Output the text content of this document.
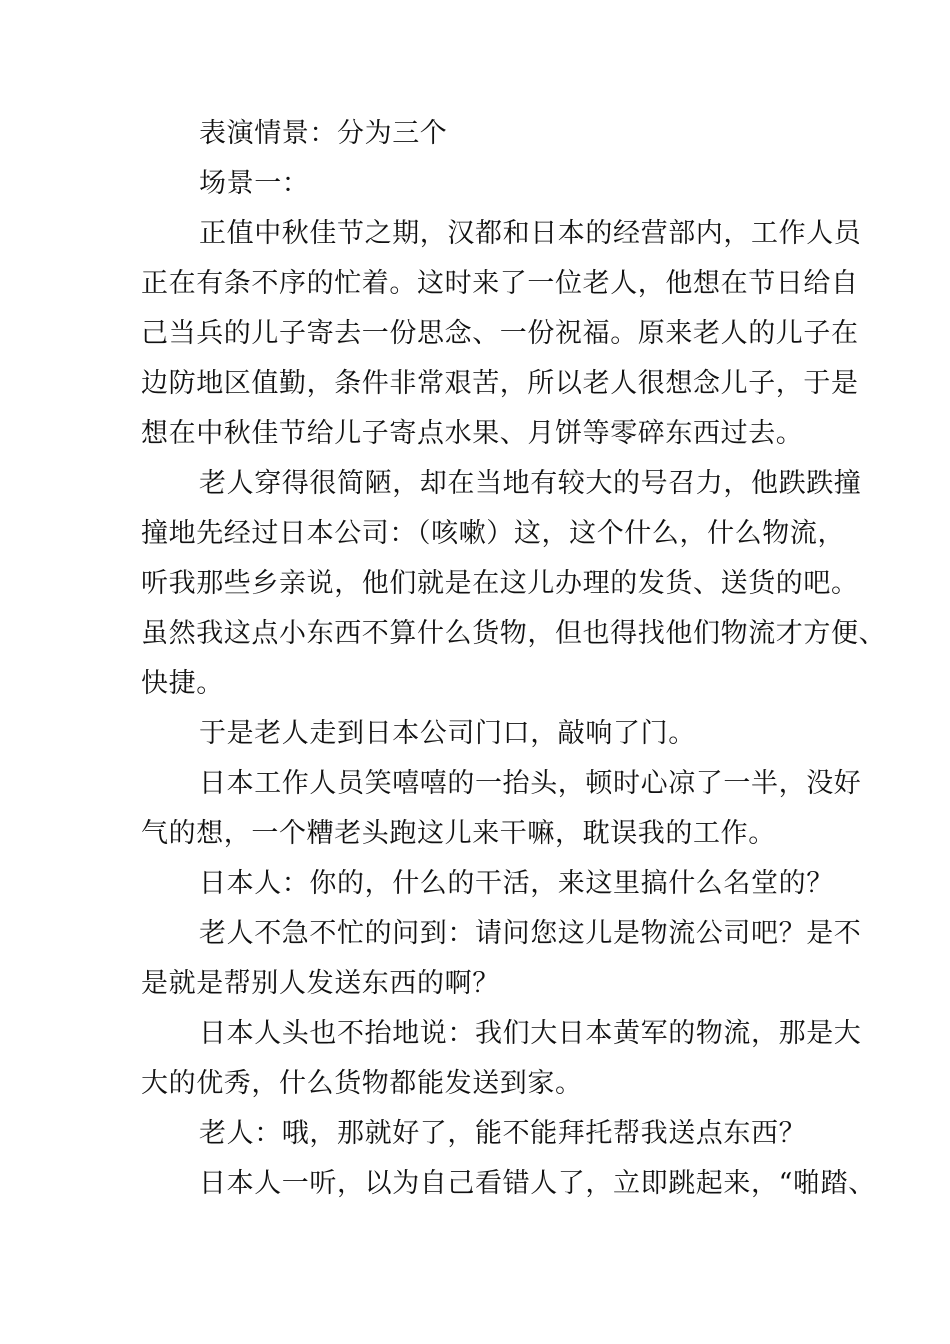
表演情景：分为三个
场景一：
正值中秋佳节之期，汉都和日本的经营部内，工作人员
正在有条不序的忙着。这时来了一位老人，他想在节日给自
己当兵的儿子寄去一份思念、一份祝福。原来老人的儿子在
边防地区值勤，条件非常艰苦，所以老人很想念儿子，于是
想在中秋佳节给儿子寄点水果、月饼等零碎东西过去。
老人穿得很简陋，却在当地有较大的号召力，他跌跌撞
撞地先经过日本公司：（咳嗽）这，这个什么，什么物流，
听我那些乡亲说，他们就是在这儿办理的发货、送货的吧。
虽然我这点小东西不算什么货物，但也得找他们物流才方便、
快捷。
于是老人走到日本公司门口，敲响了门。
日本工作人员笑嘻嘻的一抬头，顿时心凉了一半，没好
气的想，一个糟老头跑这儿来干嘛，耽误我的工作。
日本人：你的，什么的干活，来这里搞什么名堂的？
老人不急不忙的问到：请问您这儿是物流公司吧？是不
是就是帮别人发送东西的啊？
日本人头也不抬地说：我们大日本黄军的物流，那是大
大的优秀，什么货物都能发送到家。
老人：哦，那就好了，能不能拜托帮我送点东西？
日本人一听，以为自己看错人了，立即跳起来，“啪踏、
